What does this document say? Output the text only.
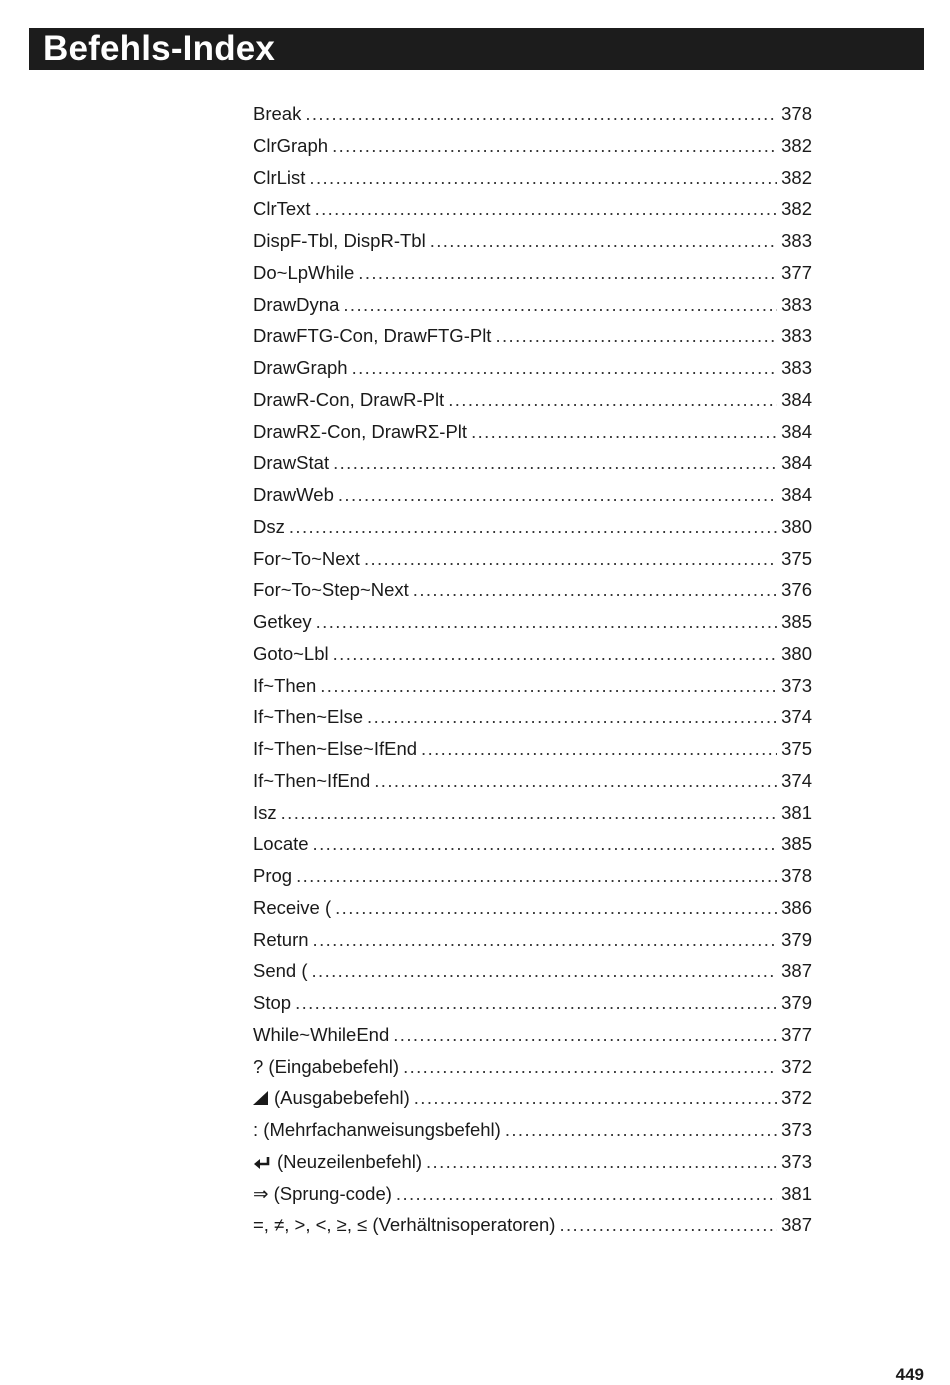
Befehls-Index
Break .....	378
ClrGraph .....	382
ClrList .....	382
ClrText .....	382
DispF-Tbl, DispR-Tbl .....	383
Do~LpWhile .....	377
DrawDyna .....	383
DrawFTG-Con, DrawFTG-Plt .....	383
DrawGraph .....	383
DrawR-Con, DrawR-Plt .....	384
DrawRΣ-Con, DrawRΣ-Plt .....	384
DrawStat .....	384
DrawWeb .....	384
Dsz .....	380
For~To~Next .....	375
For~To~Step~Next .....	376
Getkey .....	385
Goto~Lbl .....	380
If~Then .....	373
If~Then~Else .....	374
If~Then~Else~IfEnd .....	375
If~Then~IfEnd .....	374
Isz .....	381
Locate .....	385
Prog .....	378
Receive ( .....	386
Return .....	379
Send ( .....	387
Stop .....	379
While~WhileEnd .....	377
? (Eingabebefehl) .....	372
(Ausgabebefehl) .....	372
: (Mehrfachanweisungsbefehl) .....	373
(Neuzeilenbefehl) .....	373
⇒ (Sprung-code) .....	381
=, ≠, >, <, ≥, ≤ (Verhältnisoperatoren) .....	387
449
